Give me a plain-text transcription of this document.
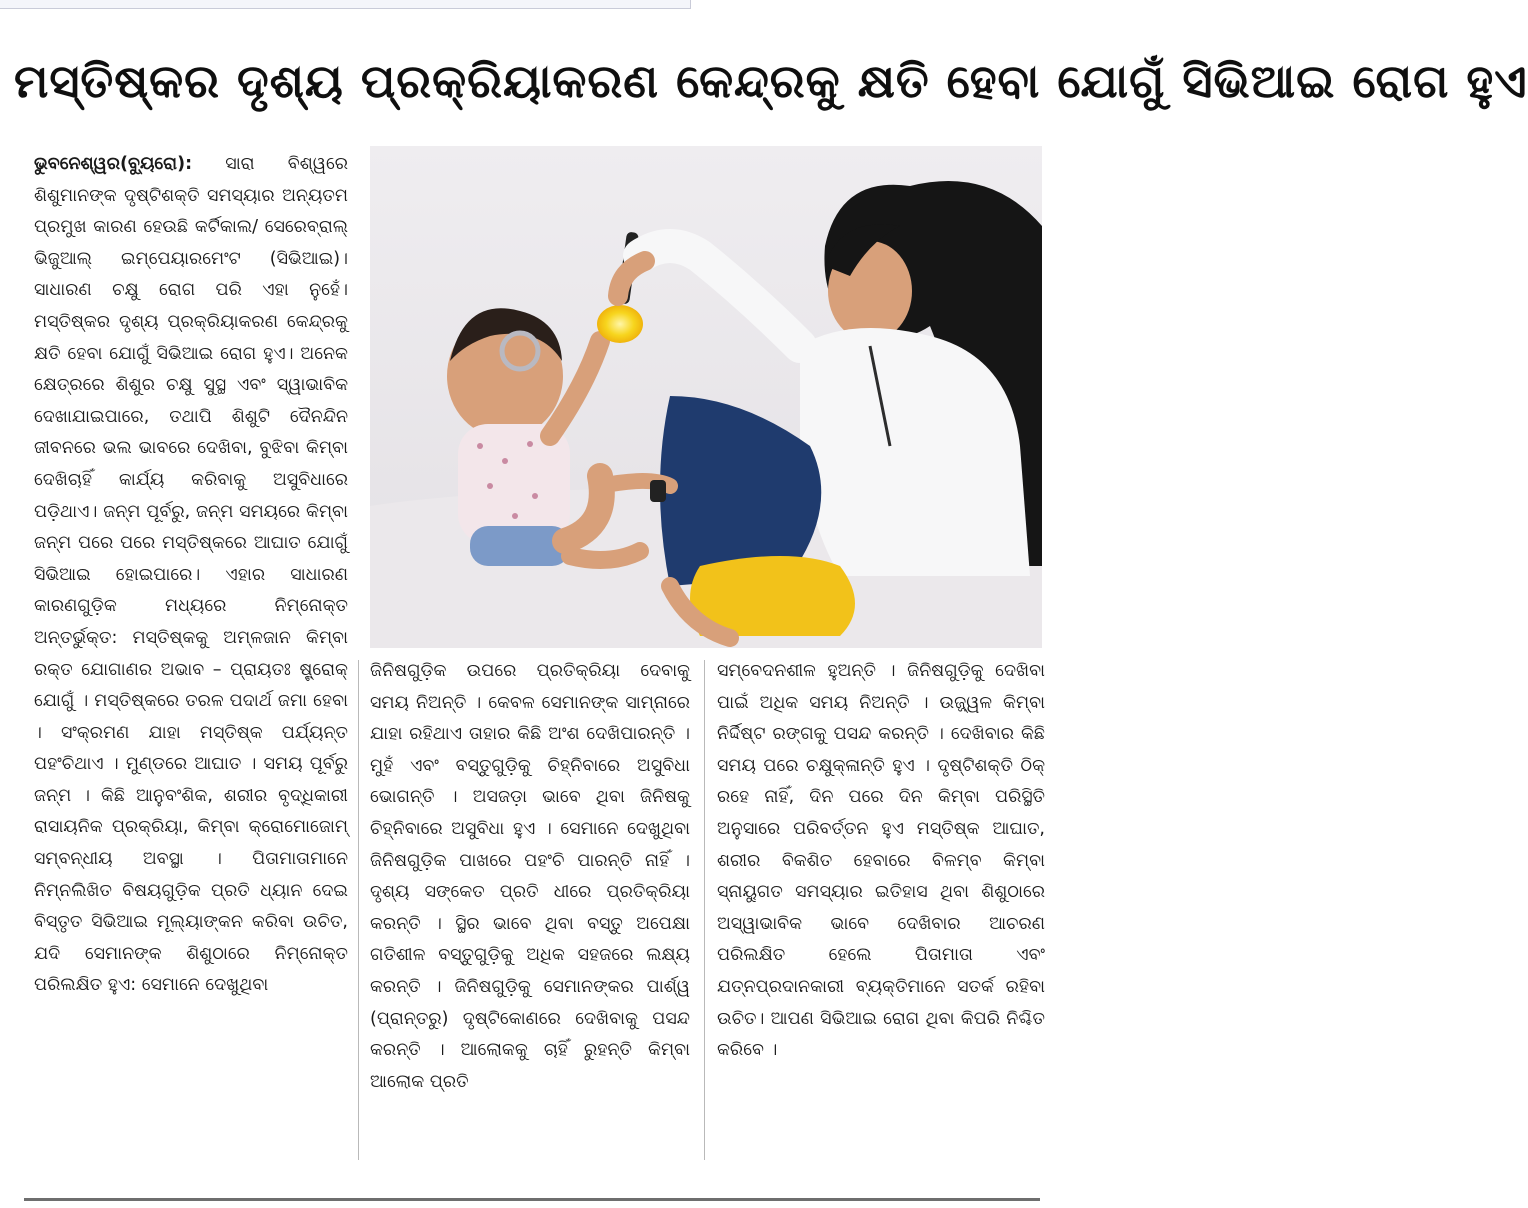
ମସ୍ତିଷ୍କର ଦୃଶ୍ୟ ପ୍ରକ୍ରିୟାକରଣ କେନ୍ଦ୍ରକୁ କ୍ଷତି ହେବା ଯୋଗୁଁ ସିଭିଆଇ ରୋଗ ହୁଏ
ଭୁବନେଶ୍ୱର(ବ୍ୟୁରୋ): ସାରା ବିଶ୍ୱରେ ଶିଶୁମାନଙ୍କ ଦୃଷ୍ଟିଶକ୍ତି ସମସ୍ୟାର ଅନ୍ୟତମ ପ୍ରମୁଖ କାରଣ ହେଉଛି କର୍ଟିକାଲ/ ସେରେବ୍ରାଲ୍ ଭିଜୁଆଲ୍ ଇମ୍ପେୟାରମେଂଟ (ସିଭିଆଇ)। ସାଧାରଣ ଚକ୍ଷୁ ରୋଗ ପରି ଏହା ନୁହେଁ। ମସ୍ତିଷ୍କର ଦୃଶ୍ୟ ପ୍ରକ୍ରିୟାକରଣ କେନ୍ଦ୍ରକୁ କ୍ଷତି ହେବା ଯୋଗୁଁ ସିଭିଆଇ ରୋଗ ହୁଏ। ଅନେକ କ୍ଷେତ୍ରରେ ଶିଶୁର ଚକ୍ଷୁ ସୁସ୍ଥ ଏବଂ ସ୍ୱାଭାବିକ ଦେଖାଯାଇପାରେ, ତଥାପି ଶିଶୁଟି ଦୈନନ୍ଦିନ ଜୀବନରେ ଭଲ ଭାବରେ ଦେଖିବା, ବୁଝିବା କିମ୍ବା ଦେଖିଚାହିଁ କାର୍ଯ୍ୟ କରିବାକୁ ଅସୁବିଧାରେ ପଡ଼ିଥାଏ। ଜନ୍ମ ପୂର୍ବରୁ, ଜନ୍ମ ସମୟରେ କିମ୍ବା ଜନ୍ମ ପରେ ପରେ ମସ୍ତିଷ୍କରେ ଆଘାତ ଯୋଗୁଁ ସିଭିଆଇ ହୋଇପାରେ। ଏହାର ସାଧାରଣ କାରଣଗୁଡ଼ିକ ମଧ୍ୟରେ ନିମ୍ନୋକ୍ତ ଅନ୍ତର୍ଭୁକ୍ତ: ମସ୍ତିଷ୍କକୁ ଅମ୍ଳଜାନ କିମ୍ବା ରକ୍ତ ଯୋଗାଣର ଅଭାବ – ପ୍ରାୟତଃ ଷ୍ଟ୍ରୋକ୍ ଯୋଗୁଁ । ମସ୍ତିଷ୍କରେ ତରଳ ପଦାର୍ଥ ଜମା ହେବା । ସଂକ୍ରମଣ ଯାହା ମସ୍ତିଷ୍କ ପର୍ଯ୍ୟନ୍ତ ପହଂଚିଥାଏ । ମୁଣ୍ଡରେ ଆଘାତ । ସମୟ ପୂର୍ବରୁ ଜନ୍ମ । କିଛି ଆନୁବଂଶିକ, ଶରୀର ବୃଦ୍ଧିକାରୀ ରାସାୟନିକ ପ୍ରକ୍ରିୟା, କିମ୍ବା କ୍ରୋମୋଜୋମ୍ ସମ୍ବନ୍ଧୀୟ ଅବସ୍ଥା । ପିତାମାତାମାନେ ନିମ୍ନଲିଖିତ ବିଷୟଗୁଡ଼ିକ ପ୍ରତି ଧ୍ୟାନ ଦେଇ ବିସ୍ତୃତ ସିଭିଆଇ ମୂଲ୍ୟାଙ୍କନ କରିବା ଉଚିତ, ଯଦି ସେମାନଙ୍କ ଶିଶୁଠାରେ ନିମ୍ନୋକ୍ତ ପରିଲକ୍ଷିତ ହୁଏ: ସେମାନେ ଦେଖୁଥିବା
ଜିନିଷଗୁଡ଼ିକ ଉପରେ ପ୍ରତିକ୍ରିୟା ଦେବାକୁ ସମୟ ନିଅନ୍ତି । କେବଳ ସେମାନଙ୍କ ସାମ୍ନାରେ ଯାହା ରହିଥାଏ ତାହାର କିଛି ଅଂଶ ଦେଖିପାରନ୍ତି । ମୁହଁ ଏବଂ ବସ୍ତୁଗୁଡ଼ିକୁ ଚିହ୍ନିବାରେ ଅସୁବିଧା ଭୋଗନ୍ତି । ଅସଜଡ଼ା ଭାବେ ଥିବା ଜିନିଷକୁ ଚିହ୍ନିବାରେ ଅସୁବିଧା ହୁଏ । ସେମାନେ ଦେଖୁଥିବା ଜିନିଷଗୁଡ଼ିକ ପାଖରେ ପହଂଚି ପାରନ୍ତି ନାହିଁ । ଦୃଶ୍ୟ ସଙ୍କେତ ପ୍ରତି ଧୀରେ ପ୍ରତିକ୍ରିୟା କରନ୍ତି । ସ୍ଥିର ଭାବେ ଥିବା ବସ୍ତୁ ଅପେକ୍ଷା ଗତିଶୀଳ ବସ୍ତୁଗୁଡ଼ିକୁ ଅଧିକ ସହଜରେ ଲକ୍ଷ୍ୟ କରନ୍ତି । ଜିନିଷଗୁଡ଼ିକୁ ସେମାନଙ୍କର ପାର୍ଶ୍ୱ (ପ୍ରାନ୍ତରୁ) ଦୃଷ୍ଟିକୋଣରେ ଦେଖିବାକୁ ପସନ୍ଦ କରନ୍ତି । ଆଲୋକକୁ ଚାହିଁ ରୁହନ୍ତି କିମ୍ବା ଆଲୋକ ପ୍ରତି
ସମ୍ବେଦନଶୀଳ ହୁଅନ୍ତି । ଜିନିଷଗୁଡ଼ିକୁ ଦେଖିବା ପାଇଁ ଅଧିକ ସମୟ ନିଅନ୍ତି । ଉଜ୍ଜ୍ୱଳ କିମ୍ବା ନିର୍ଦ୍ଦିଷ୍ଟ ରଙ୍ଗକୁ ପସନ୍ଦ କରନ୍ତି । ଦେଖିବାର କିଛି ସମୟ ପରେ ଚକ୍ଷୁକ୍ଳାନ୍ତି ହୁଏ । ଦୃଷ୍ଟିଶକ୍ତି ଠିକ୍ ରହେ ନାହିଁ, ଦିନ ପରେ ଦିନ କିମ୍ବା ପରିସ୍ଥିତି ଅନୁସାରେ ପରିବର୍ତ୍ତନ ହୁଏ ମସ୍ତିଷ୍କ ଆଘାତ, ଶରୀର ବିକଶିତ ହେବାରେ ବିଳମ୍ବ କିମ୍ବା ସ୍ନାୟୁଗତ ସମସ୍ୟାର ଇତିହାସ ଥିବା ଶିଶୁଠାରେ ଅସ୍ୱାଭାବିକ ଭାବେ ଦେଖିବାର ଆଚରଣ ପରିଲକ୍ଷିତ ହେଲେ ପିତାମାତା ଏବଂ ଯତ୍ନପ୍ରଦାନକାରୀ ବ୍ୟକ୍ତିମାନେ ସତର୍କ ରହିବା ଉଚିତ। ଆପଣ ସିଭିଆଇ ରୋଗ ଥିବା କିପରି ନିଶ୍ଚିତ କରିବେ ।
